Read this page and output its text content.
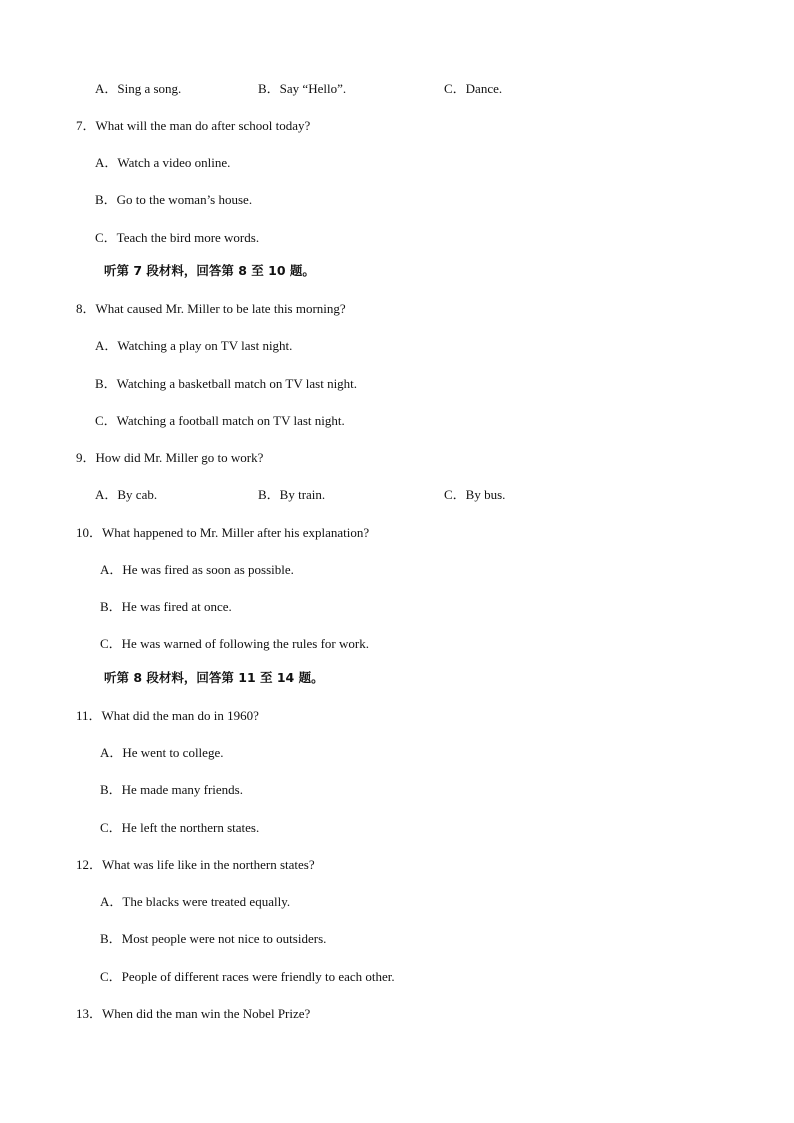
A．Sing a song.	B．Say “Hello”.	C．Dance.
7．What will the man do after school today?
A．Watch a video online.
B．Go to the woman’s house.
C．Teach the bird more words.
听第 7 段材料，回答第 8 至 10 题。
8．What caused Mr. Miller to be late this morning?
A．Watching a play on TV last night.
B．Watching a basketball match on TV last night.
C．Watching a football match on TV last night.
9．How did Mr. Miller go to work?
A．By cab.	B．By train.	C．By bus.
10．What happened to Mr. Miller after his explanation?
A．He was fired as soon as possible.
B．He was fired at once.
C．He was warned of following the rules for work.
听第 8 段材料，回答第 11 至 14 题。
11．What did the man do in 1960?
A．He went to college.
B．He made many friends.
C．He left the northern states.
12．What was life like in the northern states?
A．The blacks were treated equally.
B．Most people were not nice to outsiders.
C．People of different races were friendly to each other.
13．When did the man win the Nobel Prize?
